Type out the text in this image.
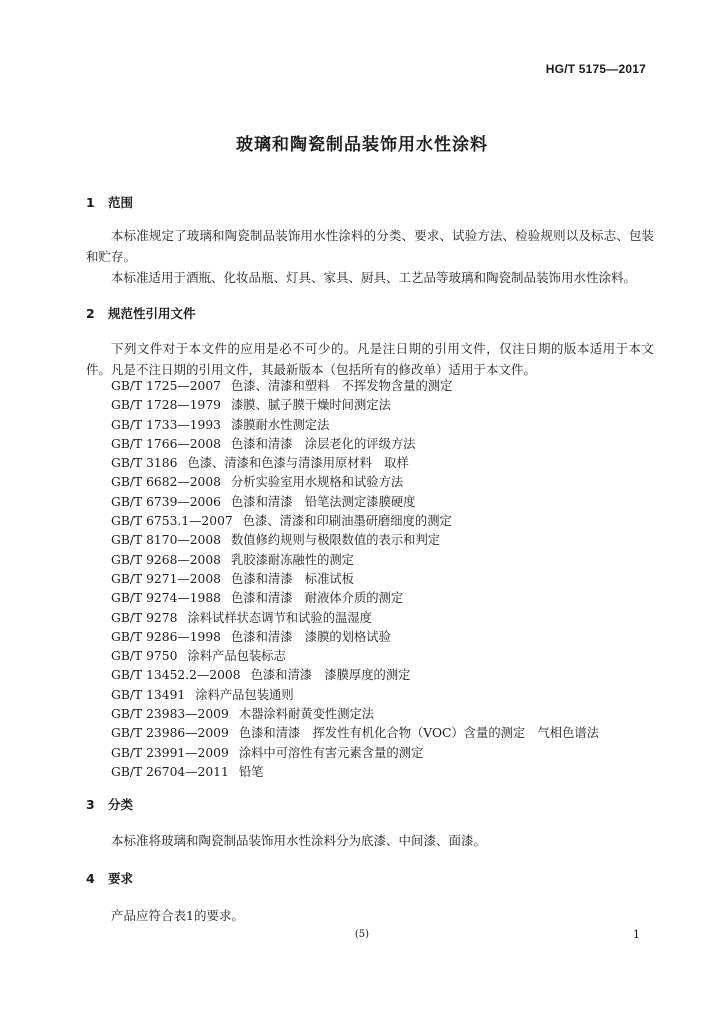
HG/T 5175—2017
玻璃和陶瓷制品装饰用水性涂料
1 范围

本标准规定了玻璃和陶瓷制品装饰用水性涂料的分类、要求、试验方法、检验规则以及标志、包装和贮存。

本标准适用于酒瓶、化妆品瓶、灯具、家具、厨具、工艺品等玻璃和陶瓷制品装饰用水性涂料。

2 规范性引用文件

下列文件对于本文件的应用是必不可少的。凡是注日期的引用文件，仅注日期的版本适用于本文件。凡是不注日期的引用文件，其最新版本（包括所有的修改单）适用于本文件。

GB/T 1725—2007 色漆、清漆和塑料　不挥发物含量的测定
GB/T 1728—1979 漆膜、腻子膜干燥时间测定法
GB/T 1733—1993 漆膜耐水性测定法
GB/T 1766—2008 色漆和清漆　涂层老化的评级方法
GB/T 3186 色漆、清漆和色漆与清漆用原材料　取样
GB/T 6682—2008 分析实验室用水规格和试验方法
GB/T 6739—2006 色漆和清漆　铅笔法测定漆膜硬度
GB/T 6753.1—2007 色漆、清漆和印刷油墨研磨细度的测定
GB/T 8170—2008 数值修约规则与极限数值的表示和判定
GB/T 9268—2008 乳胶漆耐冻融性的测定
GB/T 9271—2008 色漆和清漆　标准试板
GB/T 9274—1988 色漆和清漆　耐液体介质的测定
GB/T 9278 涂料试样状态调节和试验的温湿度
GB/T 9286—1998 色漆和清漆　漆膜的划格试验
GB/T 9750 涂料产品包装标志
GB/T 13452.2—2008 色漆和清漆　漆膜厚度的测定
GB/T 13491 涂料产品包装通则
GB/T 23983—2009 木器涂料耐黄变性测定法
GB/T 23986—2009 色漆和清漆　挥发性有机化合物（VOC）含量的测定　气相色谱法
GB/T 23991—2009 涂料中可溶性有害元素含量的测定
GB/T 26704—2011 铅笔
3 分类

本标准将玻璃和陶瓷制品装饰用水性涂料分为底漆、中间漆、面漆。

4 要求

产品应符合表1的要求。

(5)	1
